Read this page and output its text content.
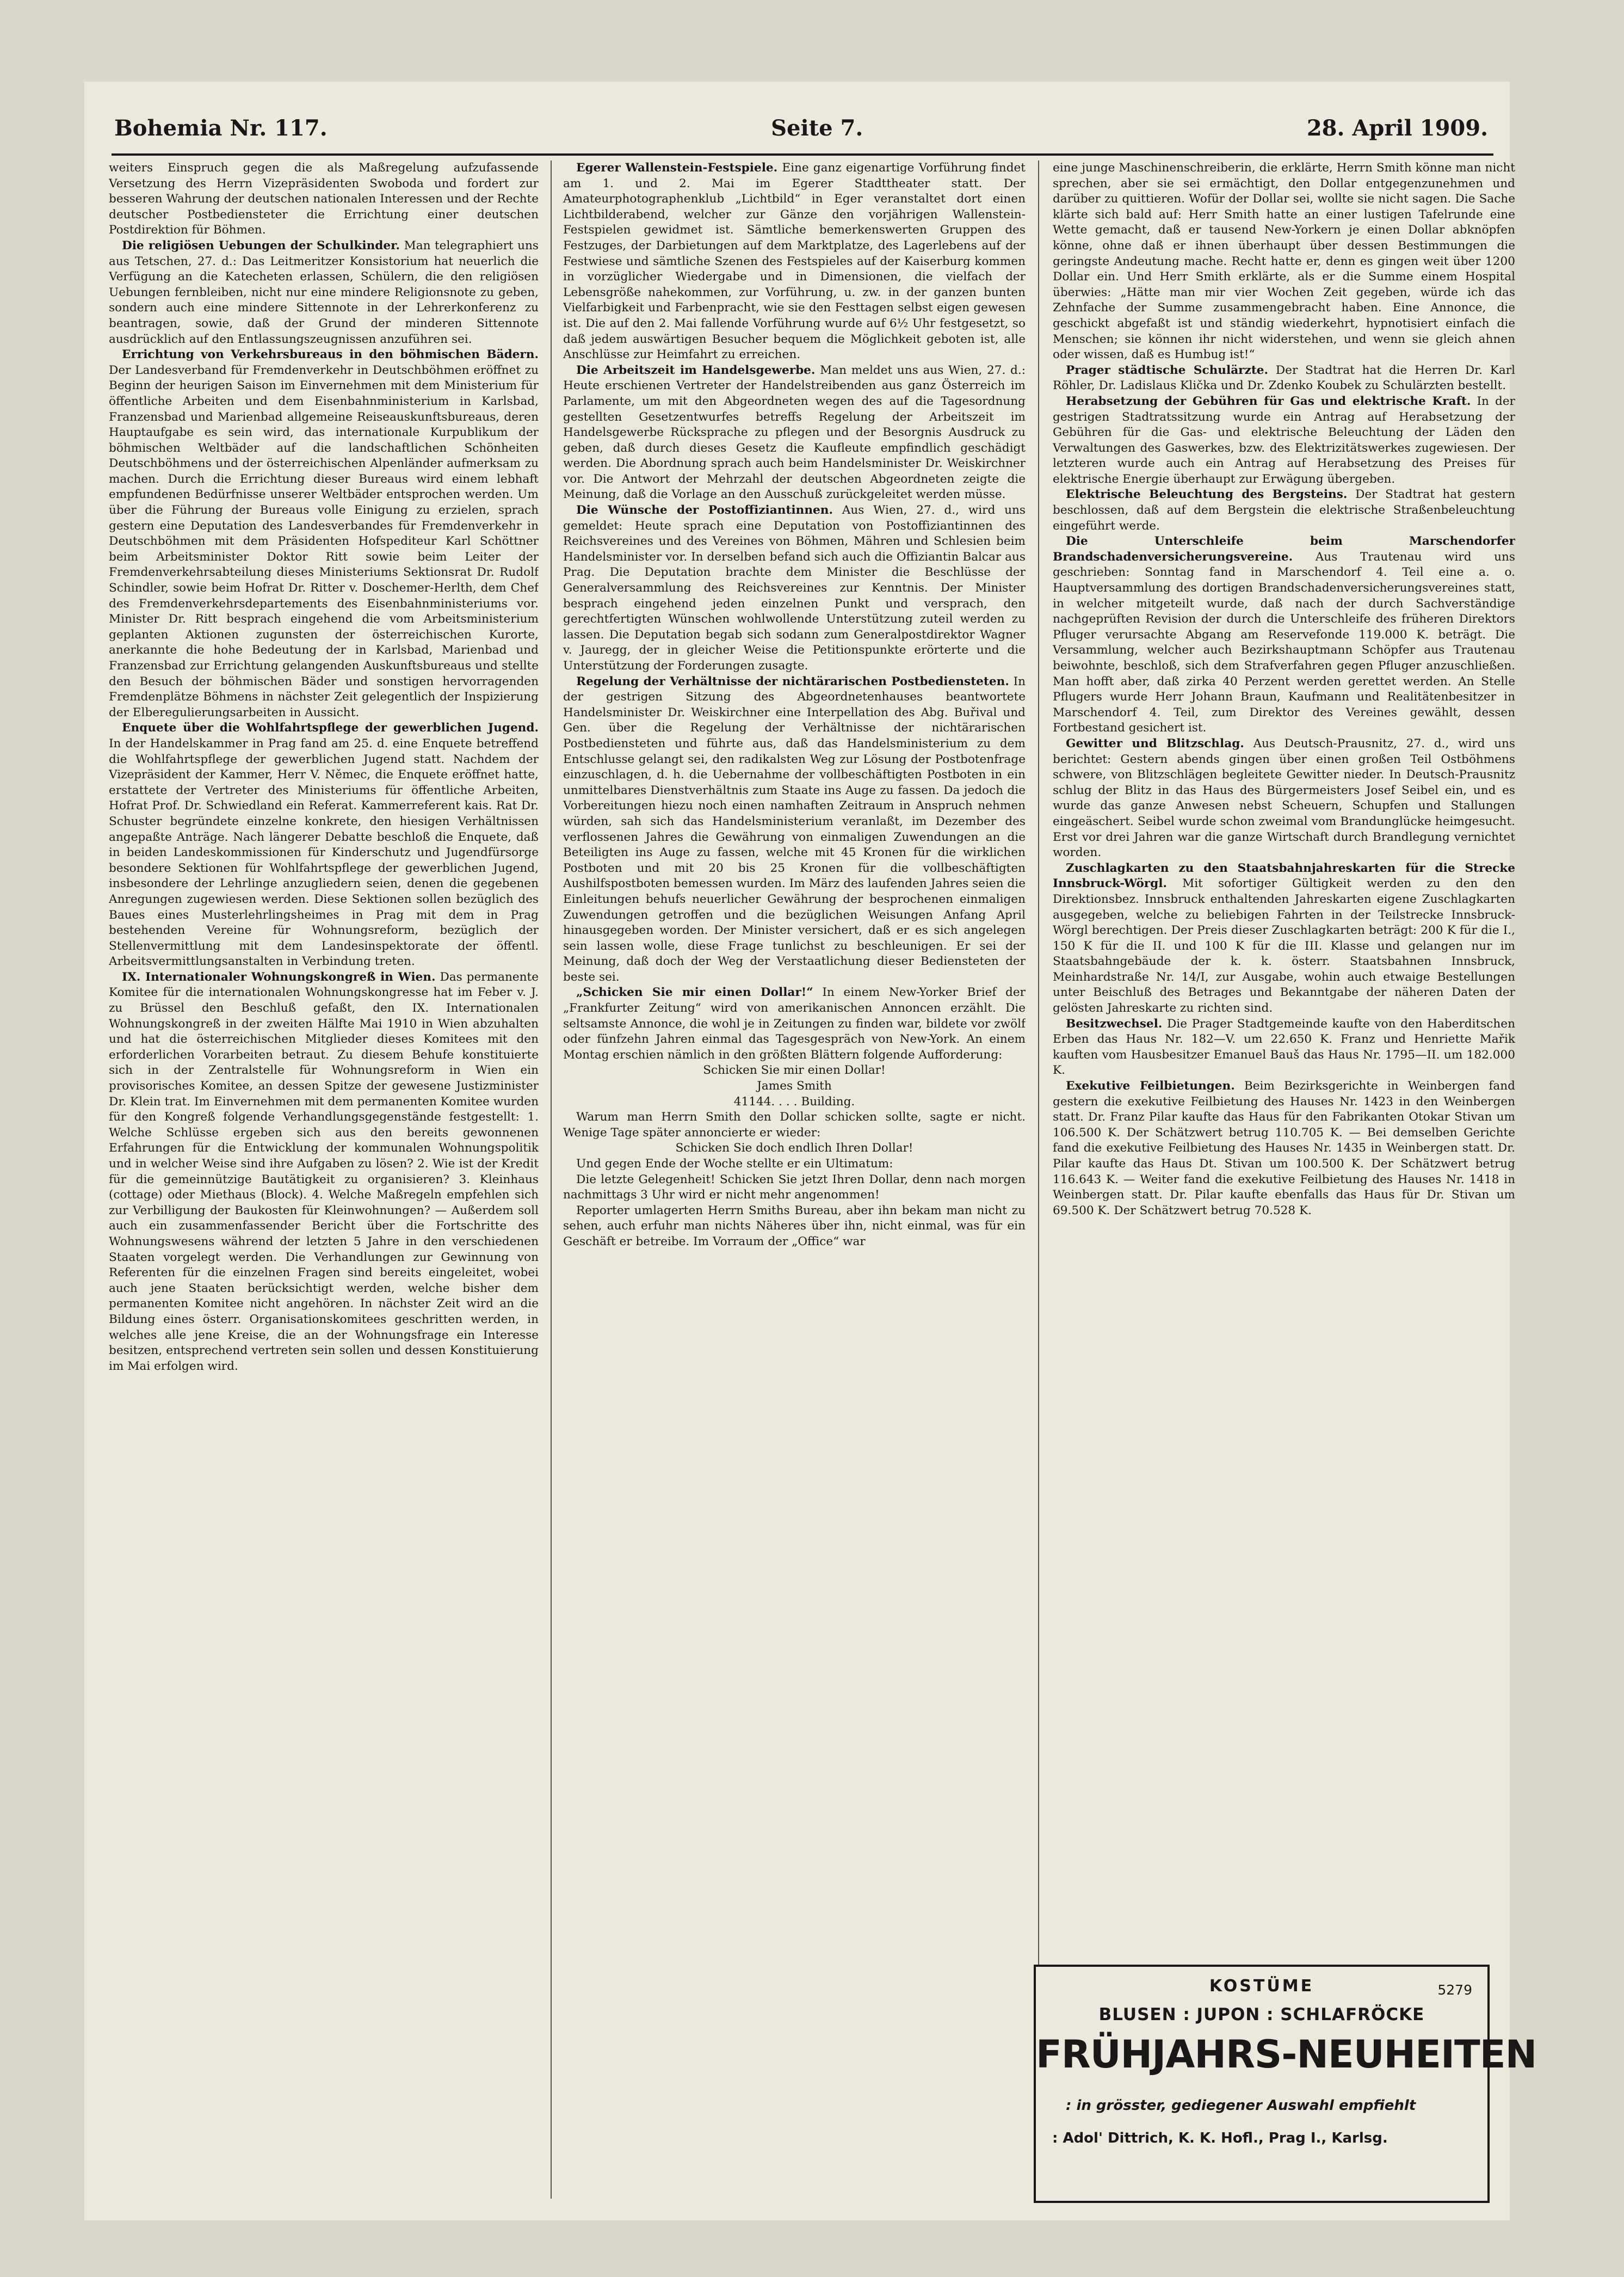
Bohemia Nr. 117.	Seite 7.	28. April 1909.

weiters Einspruch gegen die als Maßregelung aufzufassende Versetzung des Herrn Vizepräsidenten Swoboda und fordert zur besseren Wahrung der deutschen nationalen Interessen und der Rechte deutscher Postbediensteter die Errichtung einer deutschen Postdirektion für Böhmen.

Die religiösen Uebungen der Schulkinder. Man telegraphiert uns aus Tetschen, 27. d.: Das Leitmeritzer Konsistorium hat neuerlich die Verfügung an die Katecheten erlassen, Schülern, die den religiösen Uebungen fernbleiben, nicht nur eine mindere Religionsnote zu geben, sondern auch eine mindere Sittennote in der Lehrerkonferenz zu beantragen, sowie, daß der Grund der minderen Sittennote ausdrücklich auf den Entlassungszeugnissen anzuführen sei.

Errichtung von Verkehrsbureaus in den böhmischen Bädern. Der Landesverband für Fremdenverkehr in Deutschböhmen eröffnet zu Beginn der heurigen Saison im Einvernehmen mit dem Ministerium für öffentliche Arbeiten und dem Eisenbahnministerium in Karlsbad, Franzensbad und Marienbad allgemeine Reiseauskunftsbureaus, deren Hauptaufgabe es sein wird, das internationale Kurpublikum der böhmischen Weltbäder auf die landschaftlichen Schönheiten Deutschböhmens und der österreichischen Alpenländer aufmerksam zu machen. Durch die Errichtung dieser Bureaus wird einem lebhaft empfundenen Bedürfnisse unserer Weltbäder entsprochen werden. Um über die Führung der Bureaus volle Einigung zu erzielen, sprach gestern eine Deputation des Landesverbandes für Fremdenverkehr in Deutschböhmen mit dem Präsidenten Hofspediteur Karl Schöttner beim Arbeitsminister Doktor Ritt sowie beim Leiter der Fremdenverkehrsabteilung dieses Ministeriums Sektionsrat Dr. Rudolf Schindler, sowie beim Hofrat Dr. Ritter v. Doschemer-Herlth, dem Chef des Fremdenverkehrsdepartements des Eisenbahnministeriums vor. Minister Dr. Ritt besprach eingehend die vom Arbeitsministerium geplanten Aktionen zugunsten der österreichischen Kurorte, anerkannte die hohe Bedeutung der in Karlsbad, Marienbad und Franzensbad zur Errichtung gelangenden Auskunftsbureaus und stellte den Besuch der böhmischen Bäder und sonstigen hervorragenden Fremdenplätze Böhmens in nächster Zeit gelegentlich der Inspizierung der Elberegulierungsarbeiten in Aussicht.

Enquete über die Wohlfahrtspflege der gewerblichen Jugend. In der Handelskammer in Prag fand am 25. d. eine Enquete betreffend die Wohlfahrtspflege der gewerblichen Jugend statt. Nachdem der Vizepräsident der Kammer, Herr V. Němec, die Enquete eröffnet hatte, erstattete der Vertreter des Ministeriums für öffentliche Arbeiten, Hofrat Prof. Dr. Schwiedland ein Referat. Kammerreferent kais. Rat Dr. Schuster begründete einzelne konkrete, den hiesigen Verhältnissen angepaßte Anträge. Nach längerer Debatte beschloß die Enquete, daß in beiden Landeskommissionen für Kinderschutz und Jugendfürsorge besondere Sektionen für Wohlfahrtspflege der gewerblichen Jugend, insbesondere der Lehrlinge anzugliedern seien, denen die gegebenen Anregungen zugewiesen werden. Diese Sektionen sollen bezüglich des Baues eines Musterlehrlingsheimes in Prag mit dem in Prag bestehenden Vereine für Wohnungsreform, bezüglich der Stellenvermittlung mit dem Landesinspektorate der öffentl. Arbeitsvermittlungsanstalten in Verbindung treten.

IX. Internationaler Wohnungskongreß in Wien. Das permanente Komitee für die internationalen Wohnungskongresse hat im Feber v. J. zu Brüssel den Beschluß gefaßt, den IX. Internationalen Wohnungskongreß in der zweiten Hälfte Mai 1910 in Wien abzuhalten und hat die österreichischen Mitglieder dieses Komitees mit den erforderlichen Vorarbeiten betraut. Zu diesem Behufe konstituierte sich in der Zentralstelle für Wohnungsreform in Wien ein provisorisches Komitee, an dessen Spitze der gewesene Justizminister Dr. Klein trat. Im Einvernehmen mit dem permanenten Komitee wurden für den Kongreß folgende Verhandlungsgegenstände festgestellt: 1. Welche Schlüsse ergeben sich aus den bereits gewonnenen Erfahrungen für die Entwicklung der kommunalen Wohnungspolitik und in welcher Weise sind ihre Aufgaben zu lösen? 2. Wie ist der Kredit für die gemeinnützige Bautätigkeit zu organisieren? 3. Kleinhaus (cottage) oder Miethaus (Block). 4. Welche Maßregeln empfehlen sich zur Verbilligung der Baukosten für Kleinwohnungen? — Außerdem soll auch ein zusammenfassender Bericht über die Fortschritte des Wohnungswesens während der letzten 5 Jahre in den verschiedenen Staaten vorgelegt werden. Die Verhandlungen zur Gewinnung von Referenten für die einzelnen Fragen sind bereits eingeleitet, wobei auch jene Staaten berücksichtigt werden, welche bisher dem permanenten Komitee nicht angehören. In nächster Zeit wird an die Bildung eines österr. Organisationskomitees geschritten werden, in welches alle jene Kreise, die an der Wohnungsfrage ein Interesse besitzen, entsprechend vertreten sein sollen und dessen Konstituierung im Mai erfolgen wird.

Egerer Wallenstein-Festspiele. Eine ganz eigenartige Vorführung findet am 1. und 2. Mai im Egerer Stadttheater statt. Der Amateurphotographenklub „Lichtbild“ in Eger veranstaltet dort einen Lichtbilderabend, welcher zur Gänze den vorjährigen Wallenstein-Festspielen gewidmet ist. Sämtliche bemerkenswerten Gruppen des Festzuges, der Darbietungen auf dem Marktplatze, des Lagerlebens auf der Festwiese und sämtliche Szenen des Festspieles auf der Kaiserburg kommen in vorzüglicher Wiedergabe und in Dimensionen, die vielfach der Lebensgröße nahekommen, zur Vorführung, u. zw. in der ganzen bunten Vielfarbigkeit und Farbenpracht, wie sie den Festtagen selbst eigen gewesen ist. Die auf den 2. Mai fallende Vorführung wurde auf 6½ Uhr festgesetzt, so daß jedem auswärtigen Besucher bequem die Möglichkeit geboten ist, alle Anschlüsse zur Heimfahrt zu erreichen.

Die Arbeitszeit im Handelsgewerbe. Man meldet uns aus Wien, 27. d.: Heute erschienen Vertreter der Handelstreibenden aus ganz Österreich im Parlamente, um mit den Abgeordneten wegen des auf die Tagesordnung gestellten Gesetzentwurfes betreffs Regelung der Arbeitszeit im Handelsgewerbe Rücksprache zu pflegen und der Besorgnis Ausdruck zu geben, daß durch dieses Gesetz die Kaufleute empfindlich geschädigt werden. Die Abordnung sprach auch beim Handelsminister Dr. Weiskirchner vor. Die Antwort der Mehrzahl der deutschen Abgeordneten zeigte die Meinung, daß die Vorlage an den Ausschuß zurückgeleitet werden müsse.

Die Wünsche der Postoffiziantinnen. Aus Wien, 27. d., wird uns gemeldet: Heute sprach eine Deputation von Postoffiziantinnen des Reichsvereines und des Vereines von Böhmen, Mähren und Schlesien beim Handelsminister vor. In derselben befand sich auch die Offiziantin Balcar aus Prag. Die Deputation brachte dem Minister die Beschlüsse der Generalversammlung des Reichsvereines zur Kenntnis. Der Minister besprach eingehend jeden einzelnen Punkt und versprach, den gerechtfertigten Wünschen wohlwollende Unterstützung zuteil werden zu lassen. Die Deputation begab sich sodann zum Generalpostdirektor Wagner v. Jauregg, der in gleicher Weise die Petitionspunkte erörterte und die Unterstützung der Forderungen zusagte.

Regelung der Verhältnisse der nichtärarischen Postbediensteten. In der gestrigen Sitzung des Abgeordnetenhauses beantwortete Handelsminister Dr. Weiskirchner eine Interpellation des Abg. Buřival und Gen. über die Regelung der Verhältnisse der nichtärarischen Postbediensteten und führte aus, daß das Handelsministerium zu dem Entschlusse gelangt sei, den radikalsten Weg zur Lösung der Postbotenfrage einzuschlagen, d. h. die Uebernahme der vollbeschäftigten Postboten in ein unmittelbares Dienstverhältnis zum Staate ins Auge zu fassen. Da jedoch die Vorbereitungen hiezu noch einen namhaften Zeitraum in Anspruch nehmen würden, sah sich das Handelsministerium veranlaßt, im Dezember des verflossenen Jahres die Gewährung von einmaligen Zuwendungen an die Beteiligten ins Auge zu fassen, welche mit 45 Kronen für die wirklichen Postboten und mit 20 bis 25 Kronen für die vollbeschäftigten Aushilfspostboten bemessen wurden. Im März des laufenden Jahres seien die Einleitungen behufs neuerlicher Gewährung der besprochenen einmaligen Zuwendungen getroffen und die bezüglichen Weisungen Anfang April hinausgegeben worden. Der Minister versichert, daß er es sich angelegen sein lassen wolle, diese Frage tunlichst zu beschleunigen. Er sei der Meinung, daß doch der Weg der Verstaatlichung dieser Bediensteten der beste sei.

„Schicken Sie mir einen Dollar!“ In einem New-Yorker Brief der „Frankfurter Zeitung“ wird von amerikanischen Annoncen erzählt. Die seltsamste Annonce, die wohl je in Zeitungen zu finden war, bildete vor zwölf oder fünfzehn Jahren einmal das Tagesgespräch von New-York. An einem Montag erschien nämlich in den größten Blättern folgende Aufforderung:

Schicken Sie mir einen Dollar!

James Smith

41144. . . . Building.

Warum man Herrn Smith den Dollar schicken sollte, sagte er nicht. Wenige Tage später annoncierte er wieder:

Schicken Sie doch endlich Ihren Dollar!

Und gegen Ende der Woche stellte er ein Ultimatum:

Die letzte Gelegenheit! Schicken Sie jetzt Ihren Dollar, denn nach morgen nachmittags 3 Uhr wird er nicht mehr angenommen!

Reporter umlagerten Herrn Smiths Bureau, aber ihn bekam man nicht zu sehen, auch erfuhr man nichts Näheres über ihn, nicht einmal, was für ein Geschäft er betreibe. Im Vorraum der „Office“ war

eine junge Maschinenschreiberin, die erklärte, Herrn Smith könne man nicht sprechen, aber sie sei ermächtigt, den Dollar entgegenzunehmen und darüber zu quittieren. Wofür der Dollar sei, wollte sie nicht sagen. Die Sache klärte sich bald auf: Herr Smith hatte an einer lustigen Tafelrunde eine Wette gemacht, daß er tausend New-Yorkern je einen Dollar abknöpfen könne, ohne daß er ihnen überhaupt über dessen Bestimmungen die geringste Andeutung mache. Recht hatte er, denn es gingen weit über 1200 Dollar ein. Und Herr Smith erklärte, als er die Summe einem Hospital überwies: „Hätte man mir vier Wochen Zeit gegeben, würde ich das Zehnfache der Summe zusammengebracht haben. Eine Annonce, die geschickt abgefaßt ist und ständig wiederkehrt, hypnotisiert einfach die Menschen; sie können ihr nicht widerstehen, und wenn sie gleich ahnen oder wissen, daß es Humbug ist!“

Prager städtische Schulärzte. Der Stadtrat hat die Herren Dr. Karl Röhler, Dr. Ladislaus Klička und Dr. Zdenko Koubek zu Schulärzten bestellt.

Herabsetzung der Gebühren für Gas und elektrische Kraft. In der gestrigen Stadtratssitzung wurde ein Antrag auf Herabsetzung der Gebühren für die Gas- und elektrische Beleuchtung der Läden den Verwaltungen des Gaswerkes, bzw. des Elektrizitätswerkes zugewiesen. Der letzteren wurde auch ein Antrag auf Herabsetzung des Preises für elektrische Energie überhaupt zur Erwägung übergeben.

Elektrische Beleuchtung des Bergsteins. Der Stadtrat hat gestern beschlossen, daß auf dem Bergstein die elektrische Straßenbeleuchtung eingeführt werde.

Die Unterschleife beim Marschendorfer Brandschadenversicherungsvereine. Aus Trautenau wird uns geschrieben: Sonntag fand in Marschendorf 4. Teil eine a. o. Hauptversammlung des dortigen Brandschadenversicherungsvereines statt, in welcher mitgeteilt wurde, daß nach der durch Sachverständige nachgeprüften Revision der durch die Unterschleife des früheren Direktors Pfluger verursachte Abgang am Reservefonde 119.000 K. beträgt. Die Versammlung, welcher auch Bezirkshauptmann Schöpfer aus Trautenau beiwohnte, beschloß, sich dem Strafverfahren gegen Pfluger anzuschließen. Man hofft aber, daß zirka 40 Perzent werden gerettet werden. An Stelle Pflugers wurde Herr Johann Braun, Kaufmann und Realitätenbesitzer in Marschendorf 4. Teil, zum Direktor des Vereines gewählt, dessen Fortbestand gesichert ist.

Gewitter und Blitzschlag. Aus Deutsch-Prausnitz, 27. d., wird uns berichtet: Gestern abends gingen über einen großen Teil Ostböhmens schwere, von Blitzschlägen begleitete Gewitter nieder. In Deutsch-Prausnitz schlug der Blitz in das Haus des Bürgermeisters Josef Seibel ein, und es wurde das ganze Anwesen nebst Scheuern, Schupfen und Stallungen eingeäschert. Seibel wurde schon zweimal vom Brandunglücke heimgesucht. Erst vor drei Jahren war die ganze Wirtschaft durch Brandlegung vernichtet worden.

Zuschlagkarten zu den Staatsbahnjahreskarten für die Strecke Innsbruck-Wörgl. Mit sofortiger Gültigkeit werden zu den den Direktionsbez. Innsbruck enthaltenden Jahreskarten eigene Zuschlagkarten ausgegeben, welche zu beliebigen Fahrten in der Teilstrecke Innsbruck-Wörgl berechtigen. Der Preis dieser Zuschlagkarten beträgt: 200 K für die I., 150 K für die II. und 100 K für die III. Klasse und gelangen nur im Staatsbahngebäude der k. k. österr. Staatsbahnen Innsbruck, Meinhardstraße Nr. 14/I, zur Ausgabe, wohin auch etwaige Bestellungen unter Beischluß des Betrages und Bekanntgabe der näheren Daten der gelösten Jahreskarte zu richten sind.

Besitzwechsel. Die Prager Stadtgemeinde kaufte von den Haberditschen Erben das Haus Nr. 182—V. um 22.650 K. Franz und Henriette Mařik kauften vom Hausbesitzer Emanuel Bauš das Haus Nr. 1795—II. um 182.000 K.

Exekutive Feilbietungen. Beim Bezirksgerichte in Weinbergen fand gestern die exekutive Feilbietung des Hauses Nr. 1423 in den Weinbergen statt. Dr. Franz Pilar kaufte das Haus für den Fabrikanten Otokar Stivan um 106.500 K. Der Schätzwert betrug 110.705 K. — Bei demselben Gerichte fand die exekutive Feilbietung des Hauses Nr. 1435 in Weinbergen statt. Dr. Pilar kaufte das Haus Dt. Stivan um 100.500 K. Der Schätzwert betrug 116.643 K. — Weiter fand die exekutive Feilbietung des Hauses Nr. 1418 in Weinbergen statt. Dr. Pilar kaufte ebenfalls das Haus für Dr. Stivan um 69.500 K. Der Schätzwert betrug 70.528 K.

KOSTÜME	5279
BLUSEN : JUPON : SCHLAFRÖCKE
FRÜHJAHRS-NEUHEITEN
: in grösster, gediegener Auswahl empfiehlt
: Adol' Dittrich, K. K. Hofl., Prag I., Karlsg.
